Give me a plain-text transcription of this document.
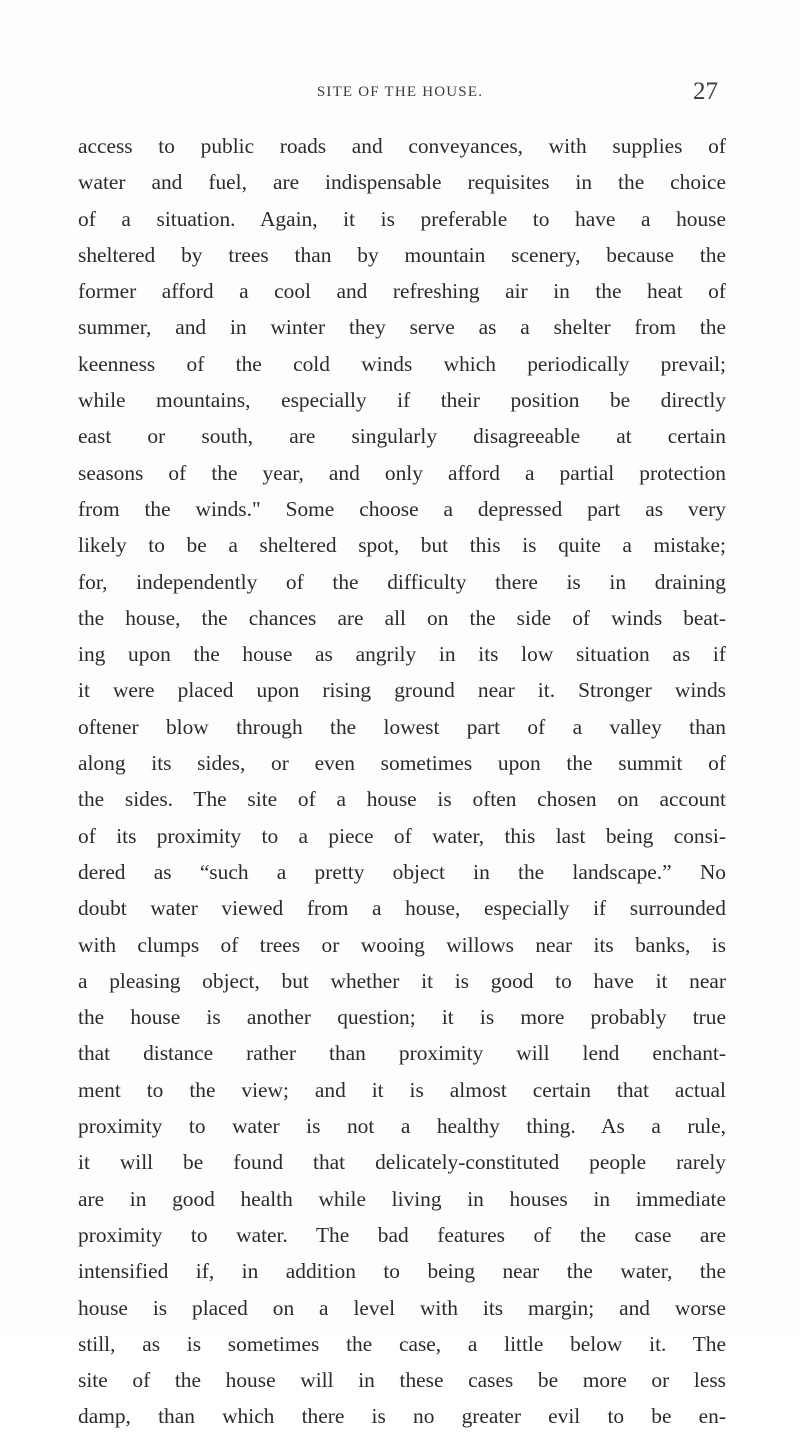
SITE OF THE HOUSE.	27
access to public roads and conveyances, with supplies of
water and fuel, are indispensable requisites in the choice
of a situation. Again, it is preferable to have a house
sheltered by trees than by mountain scenery, because the
former afford a cool and refreshing air in the heat of
summer, and in winter they serve as a shelter from the
keenness of the cold winds which periodically prevail;
while mountains, especially if their position be directly
east or south, are singularly disagreeable at certain
seasons of the year, and only afford a partial protection
from the winds." Some choose a depressed part as very
likely to be a sheltered spot, but this is quite a mistake;
for, independently of the difficulty there is in draining
the house, the chances are all on the side of winds beat-
ing upon the house as angrily in its low situation as if
it were placed upon rising ground near it. Stronger winds
oftener blow through the lowest part of a valley than
along its sides, or even sometimes upon the summit of
the sides. The site of a house is often chosen on account
of its proximity to a piece of water, this last being consi-
dered as “such a pretty object in the landscape.” No
doubt water viewed from a house, especially if surrounded
with clumps of trees or wooing willows near its banks, is
a pleasing object, but whether it is good to have it near
the house is another question; it is more probably true
that distance rather than proximity will lend enchant-
ment to the view; and it is almost certain that actual
proximity to water is not a healthy thing. As a rule,
it will be found that delicately-constituted people rarely
are in good health while living in houses in immediate
proximity to water. The bad features of the case are
intensified if, in addition to being near the water, the
house is placed on a level with its margin; and worse
still, as is sometimes the case, a little below it. The
site of the house will in these cases be more or less
damp, than which there is no greater evil to be en-
